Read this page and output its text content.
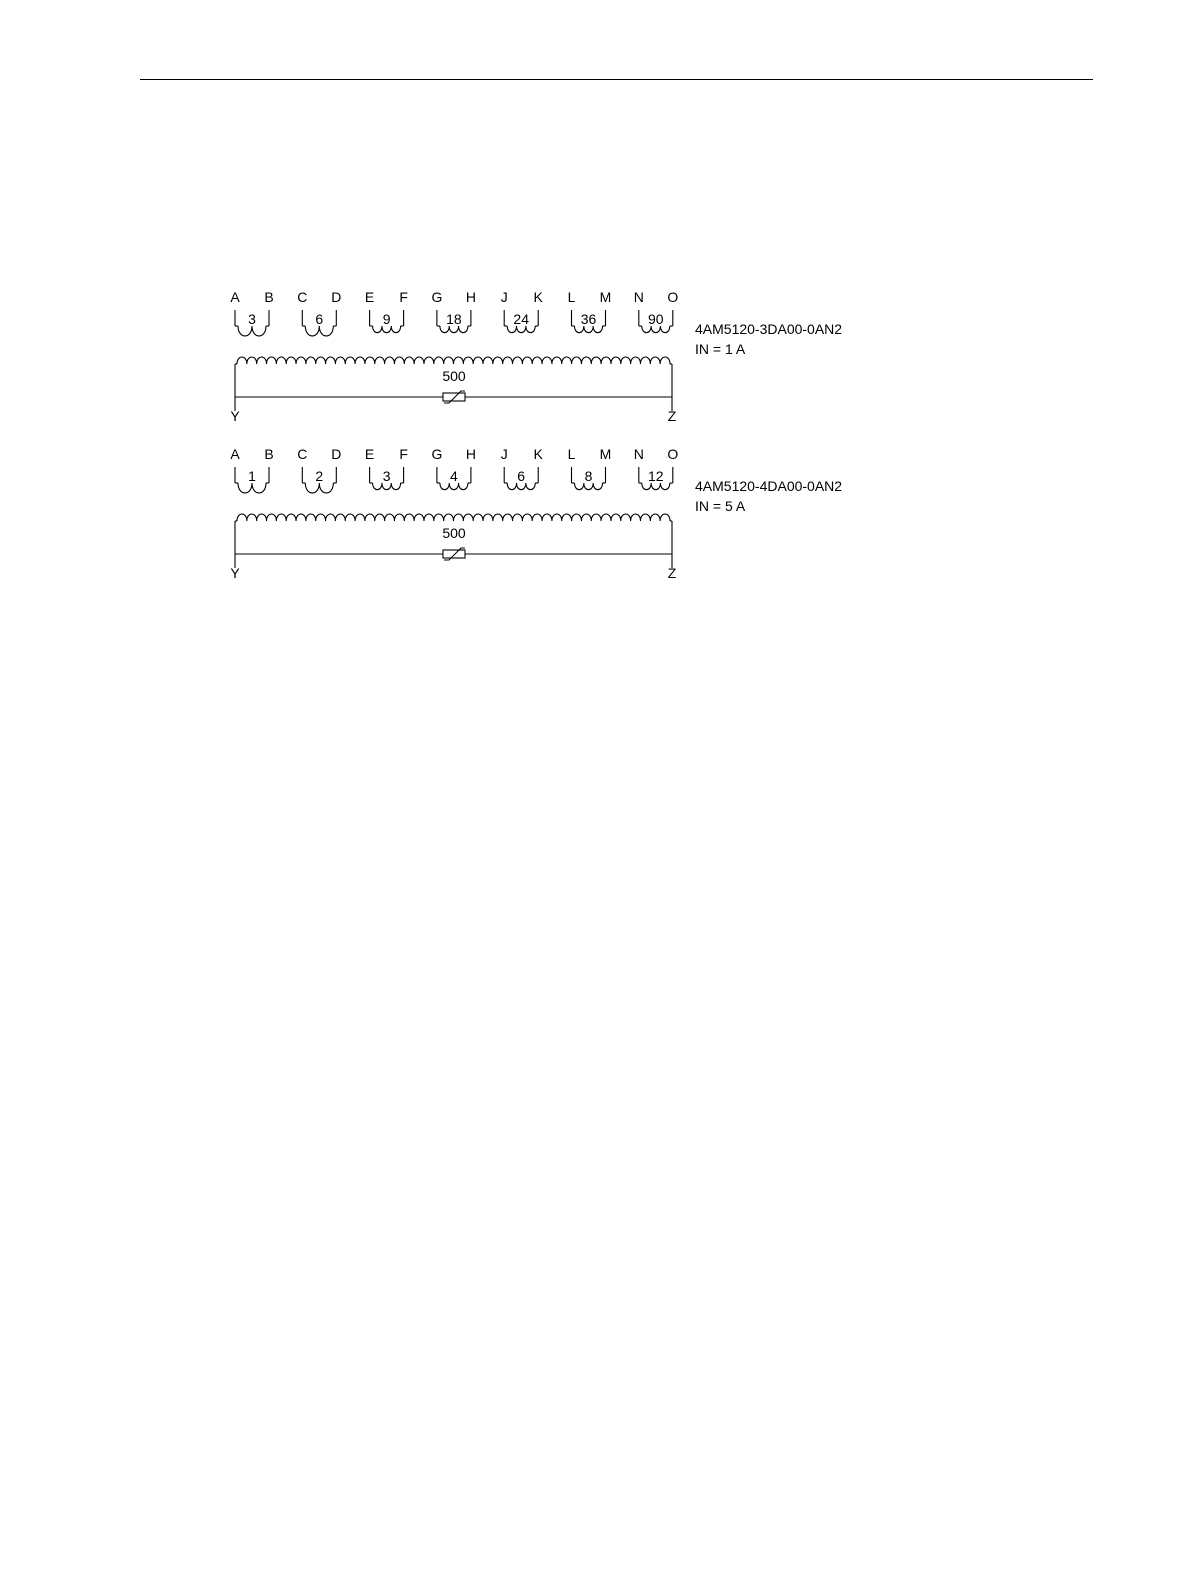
A B C D E F G H J K L M N O
3	6	9	18	24	36	90
500
Y	Z
4AM5120-3DA00-0AN2
IN = 1 A
A B C D E F G H J K L M N O
1	2	3	4	6	8	12
500
Y	Z
4AM5120-4DA00-0AN2
IN = 5 A
